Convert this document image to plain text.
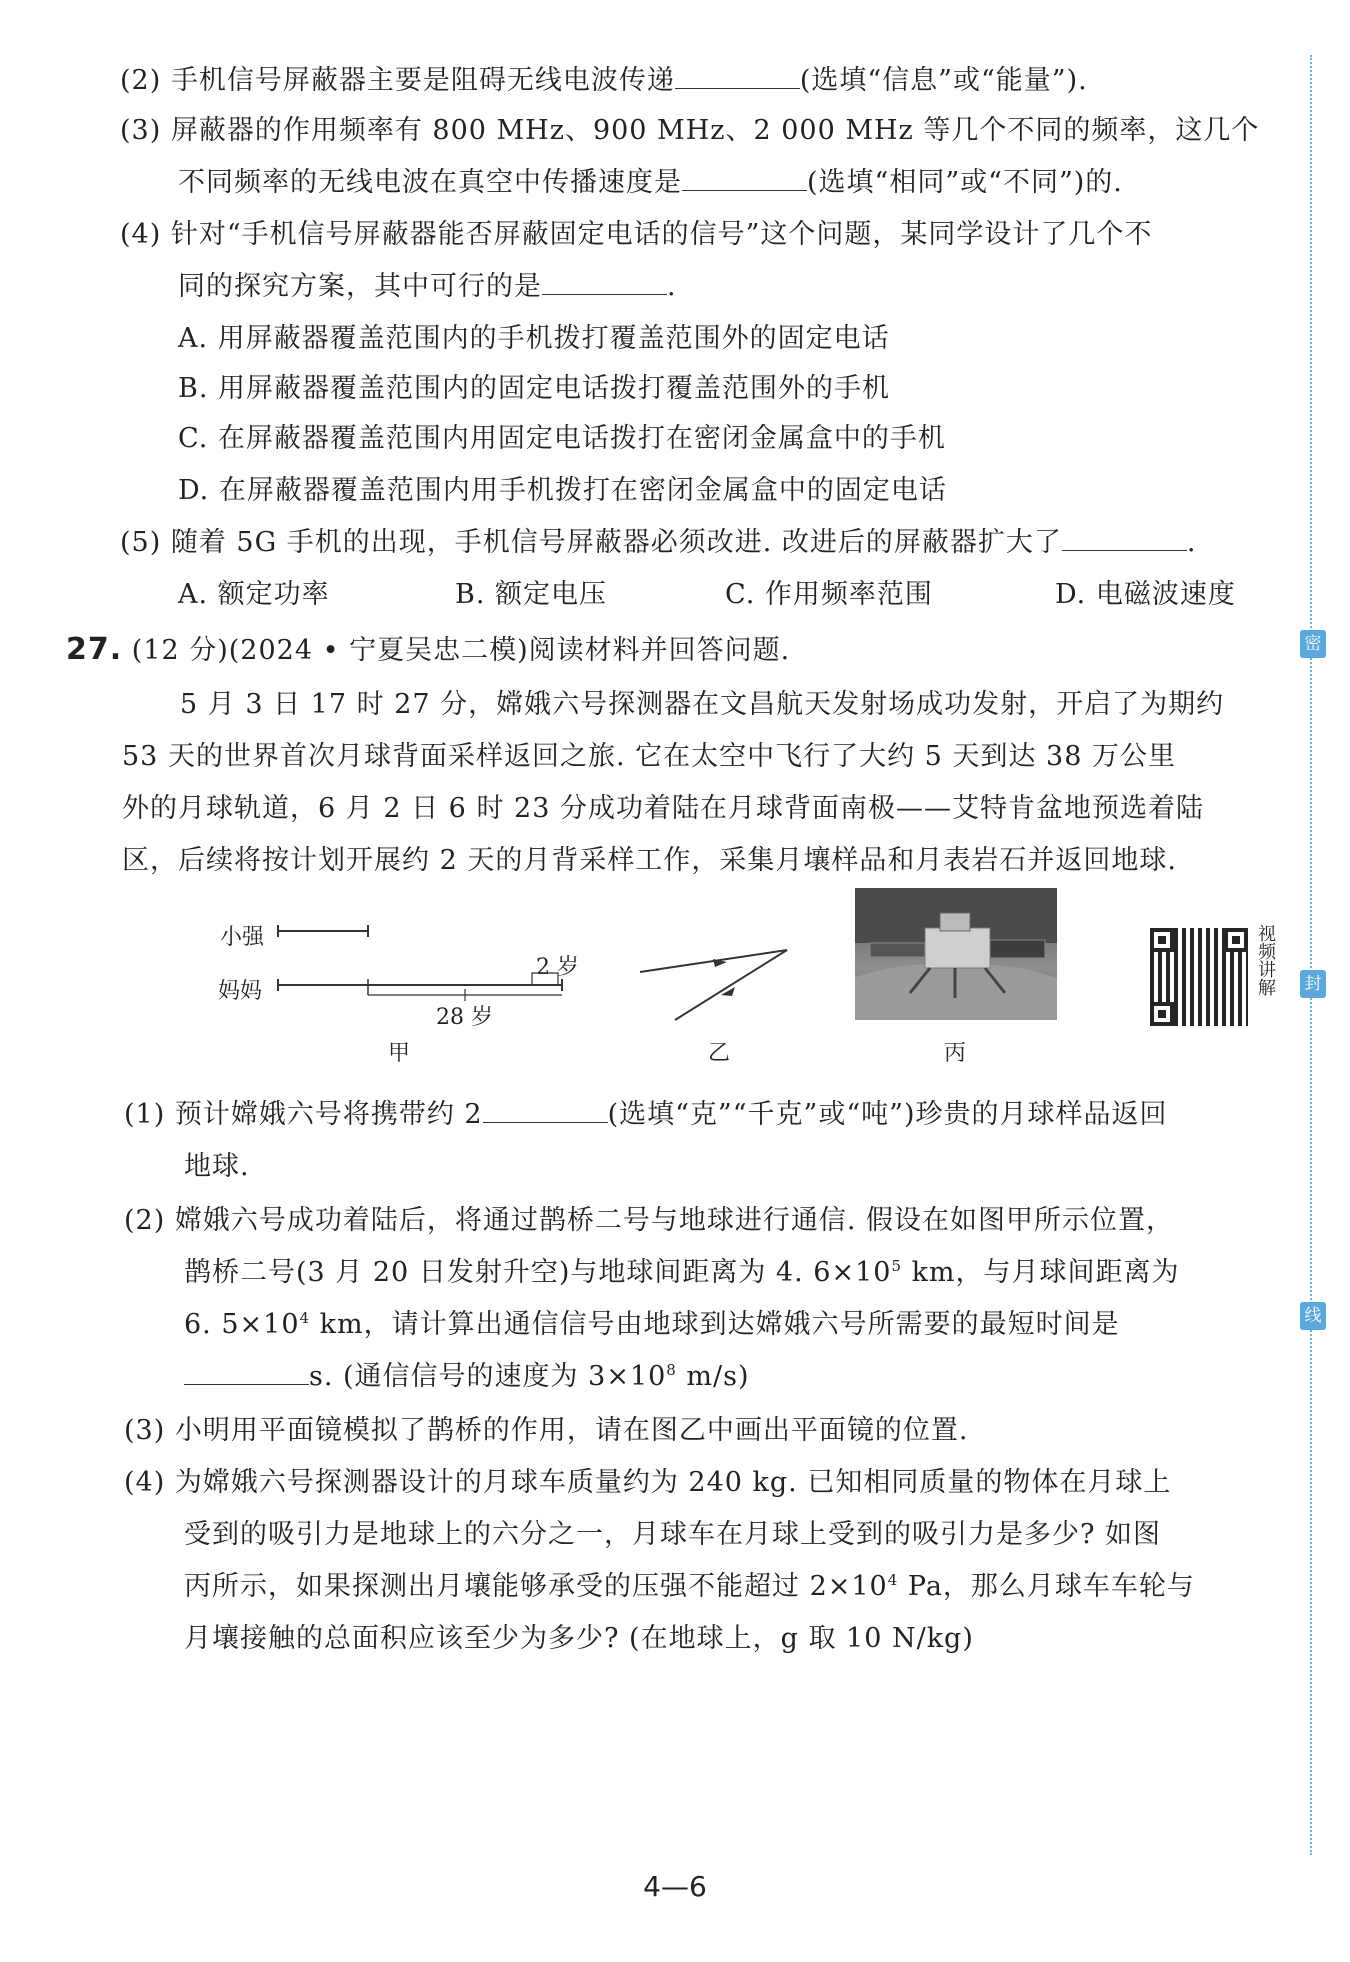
(2) 手机信号屏蔽器主要是阻碍无线电波传递	(选填“信息”或“能量”).
(3) 屏蔽器的作用频率有 800 MHz、900 MHz、2 000 MHz 等几个不同的频率，这几个
不同频率的无线电波在真空中传播速度是	(选填“相同”或“不同”)的.
(4) 针对“手机信号屏蔽器能否屏蔽固定电话的信号”这个问题，某同学设计了几个不
同的探究方案，其中可行的是	.
A. 用屏蔽器覆盖范围内的手机拨打覆盖范围外的固定电话
B. 用屏蔽器覆盖范围内的固定电话拨打覆盖范围外的手机
C. 在屏蔽器覆盖范围内用固定电话拨打在密闭金属盒中的手机
D. 在屏蔽器覆盖范围内用手机拨打在密闭金属盒中的固定电话
(5) 随着 5G 手机的出现，手机信号屏蔽器必须改进. 改进后的屏蔽器扩大了	.
A. 额定功率	B. 额定电压	C. 作用频率范围	D. 电磁波速度
27. (12 分)(2024 • 宁夏吴忠二模)阅读材料并回答问题.
5 月 3 日 17 时 27 分，嫦娥六号探测器在文昌航天发射场成功发射，开启了为期约
53 天的世界首次月球背面采样返回之旅. 它在太空中飞行了大约 5 天到达 38 万公里
外的月球轨道，6 月 2 日 6 时 23 分成功着陆在月球背面南极——艾特肯盆地预选着陆
区，后续将按计划开展约 2 天的月背采样工作，采集月壤样品和月表岩石并返回地球.
小强
妈妈
2 岁
28 岁
甲	乙	丙
视频讲解
(1) 预计嫦娥六号将携带约 2	(选填“克”“千克”或“吨”)珍贵的月球样品返回
地球.
(2) 嫦娥六号成功着陆后，将通过鹊桥二号与地球进行通信. 假设在如图甲所示位置，
鹊桥二号(3 月 20 日发射升空)与地球间距离为 4. $6\times 10^5$ km，与月球间距离为
6. $5\times 10^4$ km，请计算出通信信号由地球到达嫦娥六号所需要的最短时间是
s. (通信信号的速度为 $3\times 10^8$ m/s)
(3) 小明用平面镜模拟了鹊桥的作用，请在图乙中画出平面镜的位置.
(4) 为嫦娥六号探测器设计的月球车质量约为 240 kg. 已知相同质量的物体在月球上
受到的吸引力是地球上的六分之一，月球车在月球上受到的吸引力是多少? 如图
丙所示，如果探测出月壤能够承受的压强不能超过 $2\times 10^4$ Pa，那么月球车车轮与
月壤接触的总面积应该至少为多少? (在地球上，g 取 10 N/kg)
密
封
线
4—6
